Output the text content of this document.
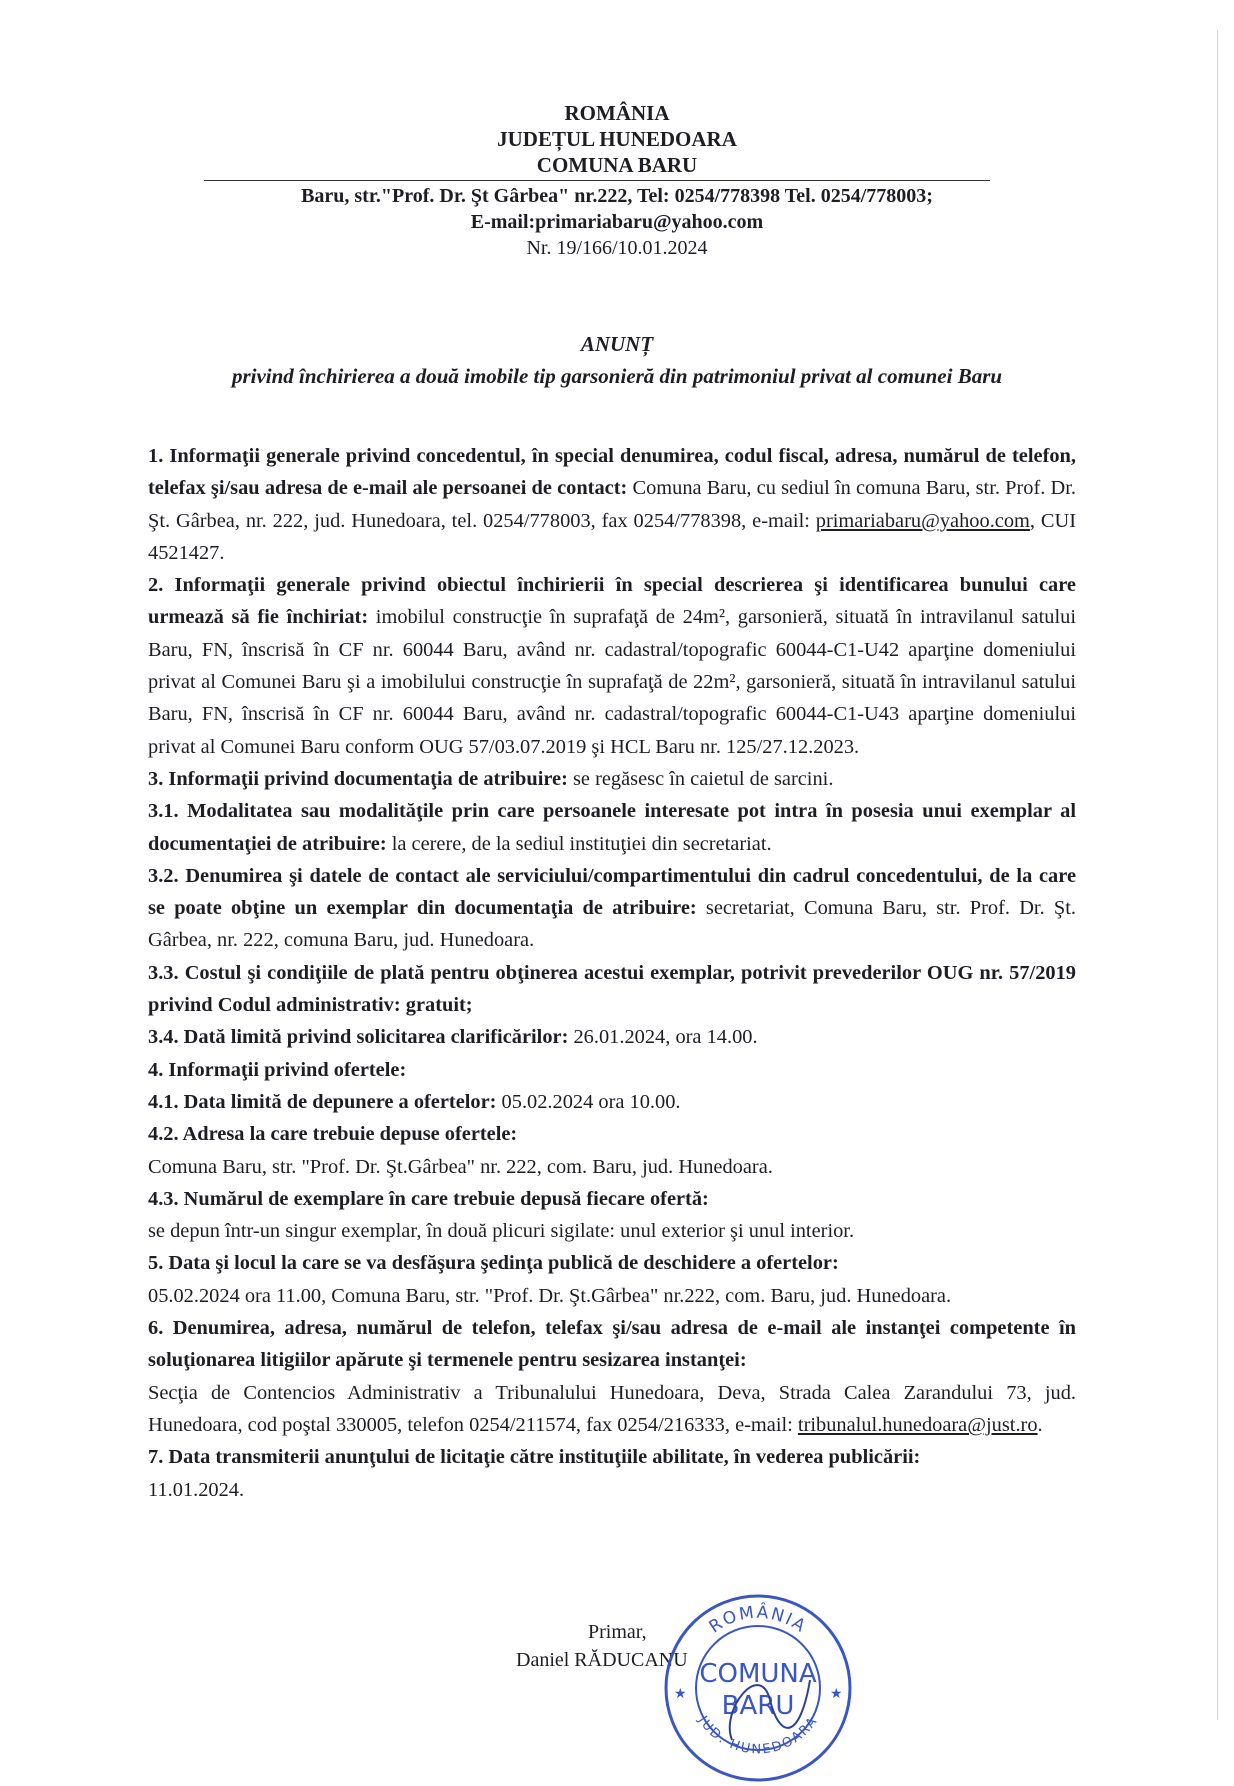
ROMÂNIA
JUDEȚUL HUNEDOARA
COMUNA BARU
Baru, str."Prof. Dr. Şt Gârbea" nr.222, Tel: 0254/778398 Tel. 0254/778003;
E-mail:primariabaru@yahoo.com
Nr. 19/166/10.01.2024
ANUNȚ
privind închirierea a două imobile tip garsonieră din patrimoniul privat al comunei Baru

1. Informaţii generale privind concedentul, în special denumirea, codul fiscal, adresa, numărul de telefon, telefax şi/sau adresa de e-mail ale persoanei de contact: Comuna Baru, cu sediul în comuna Baru, str. Prof. Dr. Şt. Gârbea, nr. 222, jud. Hunedoara, tel. 0254/778003, fax 0254/778398, e-mail: primariabaru@yahoo.com, CUI 4521427.

2. Informaţii generale privind obiectul închirierii în special descrierea şi identificarea bunului care urmează să fie închiriat: imobilul construcţie în suprafaţă de 24m², garsonieră, situată în intravilanul satului Baru, FN, înscrisă în CF nr. 60044 Baru, având nr. cadastral/topografic 60044-C1-U42 aparţine domeniului privat al Comunei Baru şi a imobilului construcţie în suprafaţă de 22m², garsonieră, situată în intravilanul satului Baru, FN, înscrisă în CF nr. 60044 Baru, având nr. cadastral/topografic 60044-C1-U43 aparţine domeniului privat al Comunei Baru conform OUG 57/03.07.2019 şi HCL Baru nr. 125/27.12.2023.

3. Informaţii privind documentaţia de atribuire: se regăsesc în caietul de sarcini.

3.1. Modalitatea sau modalităţile prin care persoanele interesate pot intra în posesia unui exemplar al documentaţiei de atribuire: la cerere, de la sediul instituţiei din secretariat.

3.2. Denumirea şi datele de contact ale serviciului/compartimentului din cadrul concedentului, de la care se poate obţine un exemplar din documentaţia de atribuire: secretariat, Comuna Baru, str. Prof. Dr. Şt. Gârbea, nr. 222, comuna Baru, jud. Hunedoara.

3.3. Costul şi condiţiile de plată pentru obţinerea acestui exemplar, potrivit prevederilor OUG nr. 57/2019 privind Codul administrativ: gratuit;

3.4. Dată limită privind solicitarea clarificărilor: 26.01.2024, ora 14.00.

4. Informaţii privind ofertele:

4.1. Data limită de depunere a ofertelor: 05.02.2024 ora 10.00.

4.2. Adresa la care trebuie depuse ofertele:
Comuna Baru, str. "Prof. Dr. Şt.Gârbea" nr. 222, com. Baru, jud. Hunedoara.

4.3. Numărul de exemplare în care trebuie depusă fiecare ofertă:
se depun într-un singur exemplar, în două plicuri sigilate: unul exterior şi unul interior.

5. Data şi locul la care se va desfăşura şedinţa publică de deschidere a ofertelor:
05.02.2024 ora 11.00, Comuna Baru, str. "Prof. Dr. Şt.Gârbea" nr.222, com. Baru, jud. Hunedoara.

6. Denumirea, adresa, numărul de telefon, telefax şi/sau adresa de e-mail ale instanţei competente în soluţionarea litigiilor apărute şi termenele pentru sesizarea instanţei:
Secţia de Contencios Administrativ a Tribunalului Hunedoara, Deva, Strada Calea Zarandului 73, jud. Hunedoara, cod poştal 330005, telefon 0254/211574, fax 0254/216333, e-mail: tribunalul.hunedoara@just.ro.

7. Data transmiterii anunţului de licitaţie către instituţiile abilitate, în vederea publicării:
11.01.2024.

Primar,
Daniel RĂDUCANU
ROMÂNIA
JUD. HUNEDOARA
COMUNA
BARU
★	★
